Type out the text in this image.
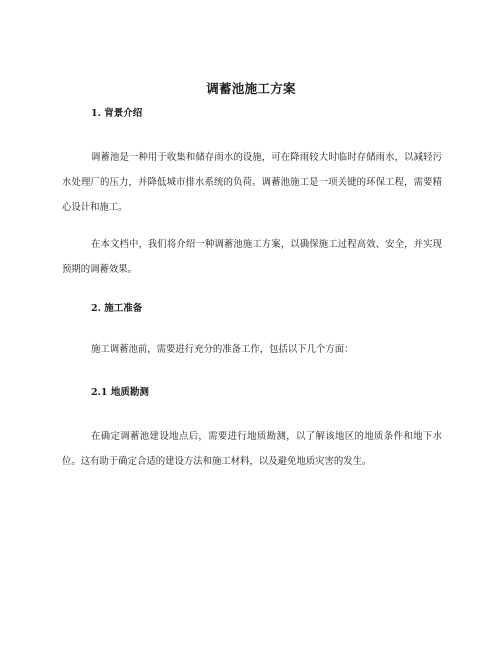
调蓄池施工方案
1. 背景介绍

调蓄池是一种用于收集和储存雨水的设施，可在降雨较大时临时存储雨水，以减轻污水处理厂的压力，并降低城市排水系统的负荷。调蓄池施工是一项关键的环保工程，需要精心设计和施工。

在本文档中，我们将介绍一种调蓄池施工方案，以确保施工过程高效、安全，并实现预期的调蓄效果。

2. 施工准备

施工调蓄池前，需要进行充分的准备工作，包括以下几个方面：

2.1 地质勘测

在确定调蓄池建设地点后，需要进行地质勘测，以了解该地区的地质条件和地下水位。这有助于确定合适的建设方法和施工材料，以及避免地质灾害的发生。
